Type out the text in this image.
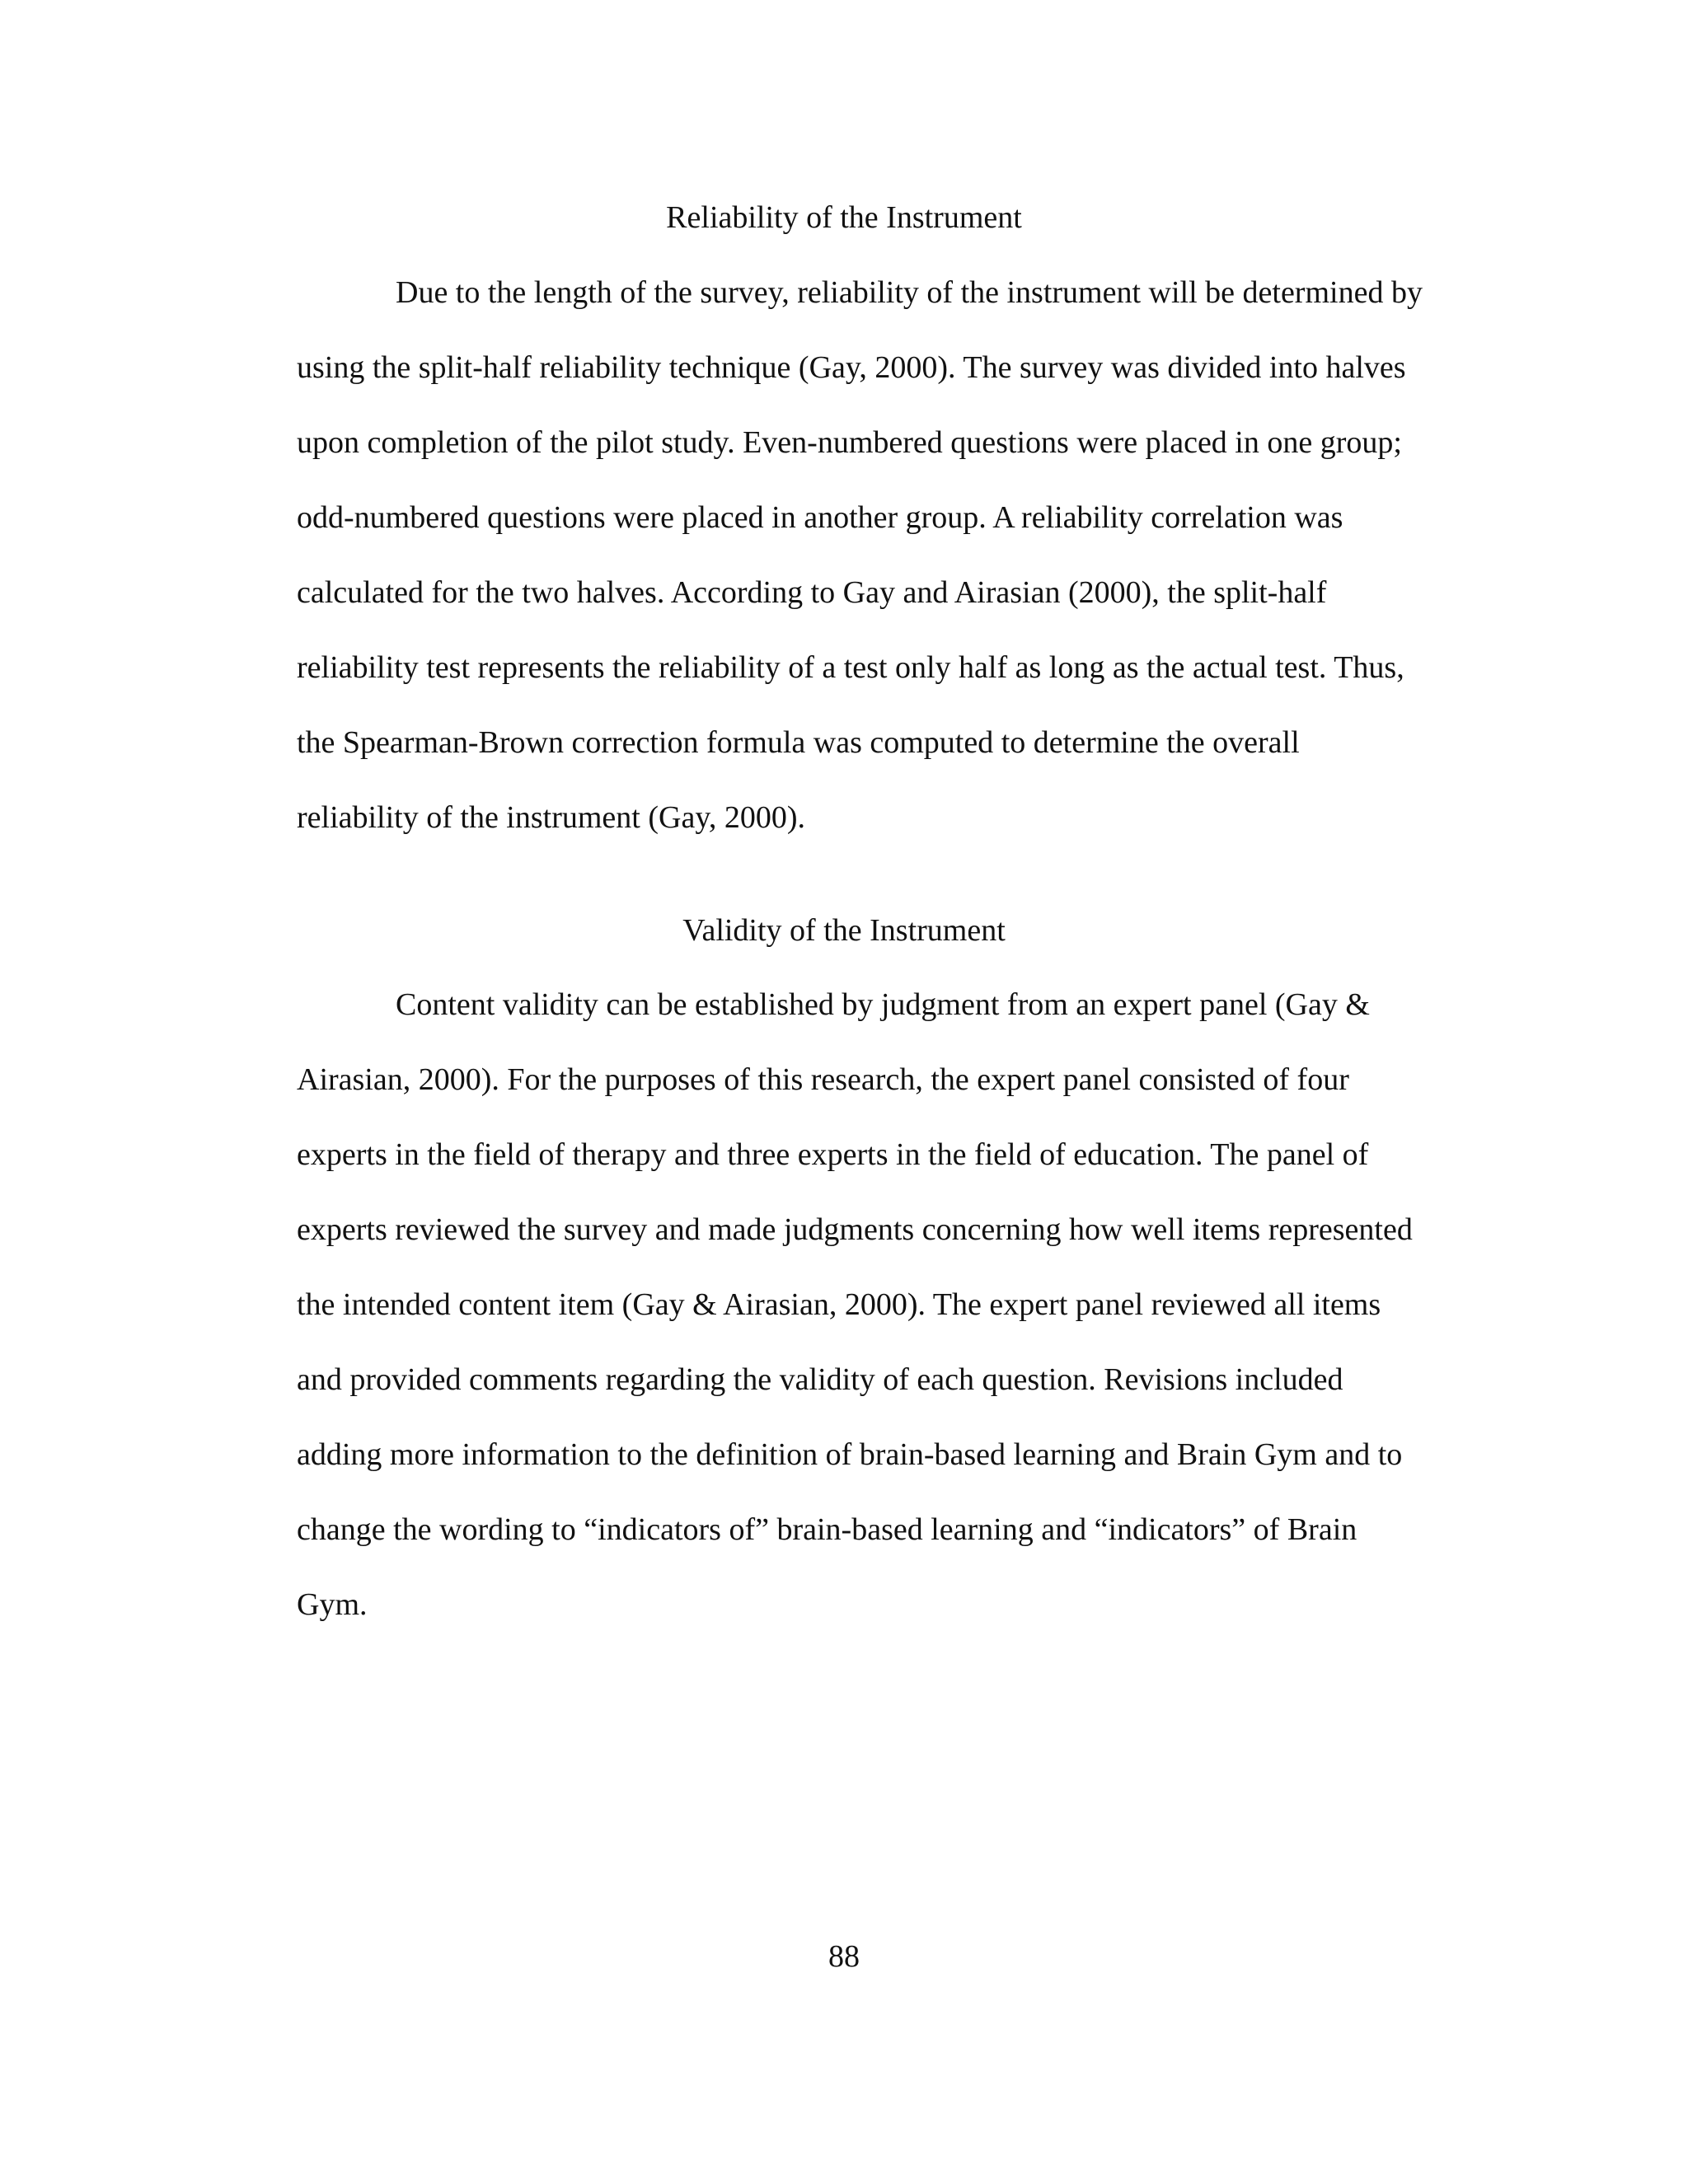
Reliability of the Instrument
Due to the length of the survey, reliability of the instrument will be determined by
using the split-half reliability technique (Gay, 2000). The survey was divided into halves
upon completion of the pilot study. Even-numbered questions were placed in one group;
odd-numbered questions were placed in another group. A reliability correlation was
calculated for the two halves. According to Gay and Airasian (2000), the split-half
reliability test represents the reliability of a test only half as long as the actual test. Thus,
the Spearman-Brown correction formula was computed to determine the overall
reliability of the instrument (Gay, 2000).
Validity of the Instrument
Content validity can be established by judgment from an expert panel (Gay &
Airasian, 2000). For the purposes of this research, the expert panel consisted of four
experts in the field of therapy and three experts in the field of education. The panel of
experts reviewed the survey and made judgments concerning how well items represented
the intended content item (Gay & Airasian, 2000). The expert panel reviewed all items
and provided comments regarding the validity of each question. Revisions included
adding more information to the definition of brain-based learning and Brain Gym and to
change the wording to “indicators of” brain-based learning and “indicators” of Brain
Gym.
88
